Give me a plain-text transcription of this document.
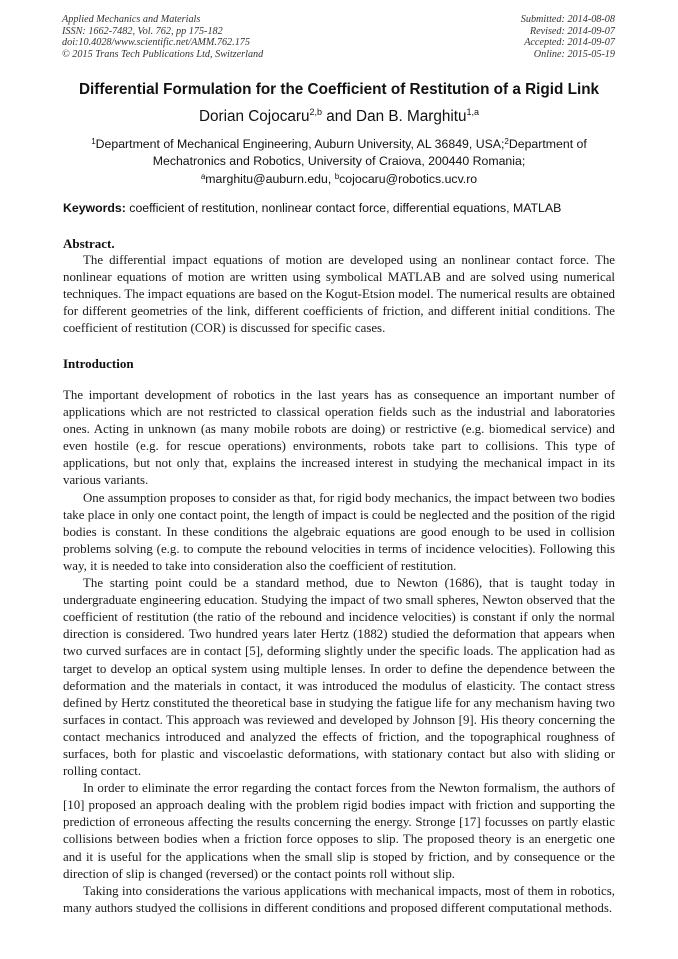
Applied Mechanics and Materials
ISSN: 1662-7482, Vol. 762, pp 175-182
doi:10.4028/www.scientific.net/AMM.762.175
© 2015 Trans Tech Publications Ltd, Switzerland
Submitted: 2014-08-08
Revised: 2014-09-07
Accepted: 2014-09-07
Online: 2015-05-19
Differential Formulation for the Coefficient of Restitution of a Rigid Link
Dorian Cojocaru$^{2,b}$ and Dan B. Marghitu$^{1,a}$
$^1$Department of Mechanical Engineering, Auburn University, AL 36849, USA;$^2$Department of Mechatronics and Robotics, University of Craiova, 200440 Romania;
$^a$marghitu@auburn.edu, $^b$cojocaru@robotics.ucv.ro
Keywords: coefficient of restitution, nonlinear contact force, differential equations, MATLAB
Abstract.

The differential impact equations of motion are developed using an nonlinear contact force. The nonlinear equations of motion are written using symbolical MATLAB and are solved using numerical techniques. The impact equations are based on the Kogut-Etsion model. The numerical results are obtained for different geometries of the link, different coefficients of friction, and different initial conditions. The coefficient of restitution (COR) is discussed for specific cases.

Introduction

The important development of robotics in the last years has as consequence an important number of applications which are not restricted to classical operation fields such as the industrial and laboratories ones. Acting in unknown (as many mobile robots are doing) or restrictive (e.g. biomedical service) and even hostile (e.g. for rescue operations) environments, robots take part to collisions. This type of applications, but not only that, explains the increased interest in studying the mechanical impact in its various variants.

One assumption proposes to consider as that, for rigid body mechanics, the impact between two bodies take place in only one contact point, the length of impact is could be neglected and the position of the rigid bodies is constant. In these conditions the algebraic equations are good enough to be used in collision problems solving (e.g. to compute the rebound velocities in terms of incidence velocities). Following this way, it is needed to take into consideration also the coefficient of restitution.

The starting point could be a standard method, due to Newton (1686), that is taught today in undergraduate engineering education. Studying the impact of two small spheres, Newton observed that the coefficient of restitution (the ratio of the rebound and incidence velocities) is constant if only the normal direction is considered. Two hundred years later Hertz (1882) studied the deformation that appears when two curved surfaces are in contact [5], deforming slightly under the specific loads. The application had as target to develop an optical system using multiple lenses. In order to define the dependence between the deformation and the materials in contact, it was introduced the modulus of elasticity. The contact stress defined by Hertz constituted the theoretical base in studying the fatigue life for any mechanism having two surfaces in contact. This approach was reviewed and developed by Johnson [9]. His theory concerning the contact mechanics introduced and analyzed the effects of friction, and the topographical roughness of surfaces, both for plastic and viscoelastic deformations, with stationary contact but also with sliding or rolling contact.

In order to eliminate the error regarding the contact forces from the Newton formalism, the authors of [10] proposed an approach dealing with the problem rigid bodies impact with friction and supporting the prediction of erroneous affecting the results concerning the energy. Stronge [17] focusses on partly elastic collisions between bodies when a friction force opposes to slip. The proposed theory is an energetic one and it is useful for the applications when the small slip is stoped by friction, and by consequence or the direction of slip is changed (reversed) or the contact points roll without slip.

Taking into considerations the various applications with mechanical impacts, most of them in robotics, many authors studyed the collisions in different conditions and proposed different computational methods.
